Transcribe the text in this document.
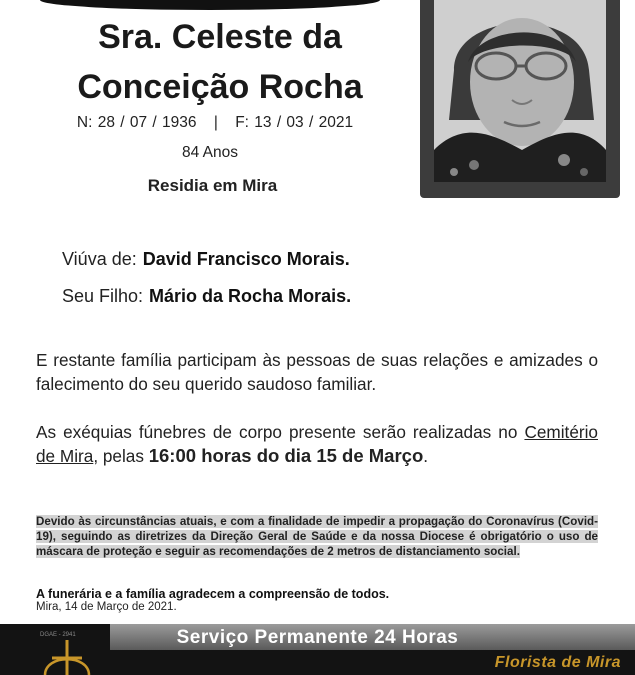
Sra. Celeste da
Conceição Rocha
N: 28 / 07 / 1936 | F: 13 / 03 / 2021
84 Anos
Residia em Mira
Viúva de: David Francisco Morais.
Seu Filho: Mário da Rocha Morais.
E restante família participam às pessoas de suas relações e amizades o falecimento do seu querido saudoso familiar.
As exéquias fúnebres de corpo presente serão realizadas no Cemitério de Mira, pelas 16:00 horas do dia 15 de Março.
Devido às circunstâncias atuais, e com a finalidade de impedir a propagação do Coronavírus (Covid-19), seguindo as diretrizes da Direção Geral de Saúde e da nossa Diocese é obrigatório o uso de máscara de proteção e seguir as recomendações de 2 metros de distanciamento social.
A funerária e a família agradecem a compreensão de todos.
Mira, 14 de Março de 2021.
DGAE - 2941	Serviço Permanente 24 Horas
Florista de Mira
